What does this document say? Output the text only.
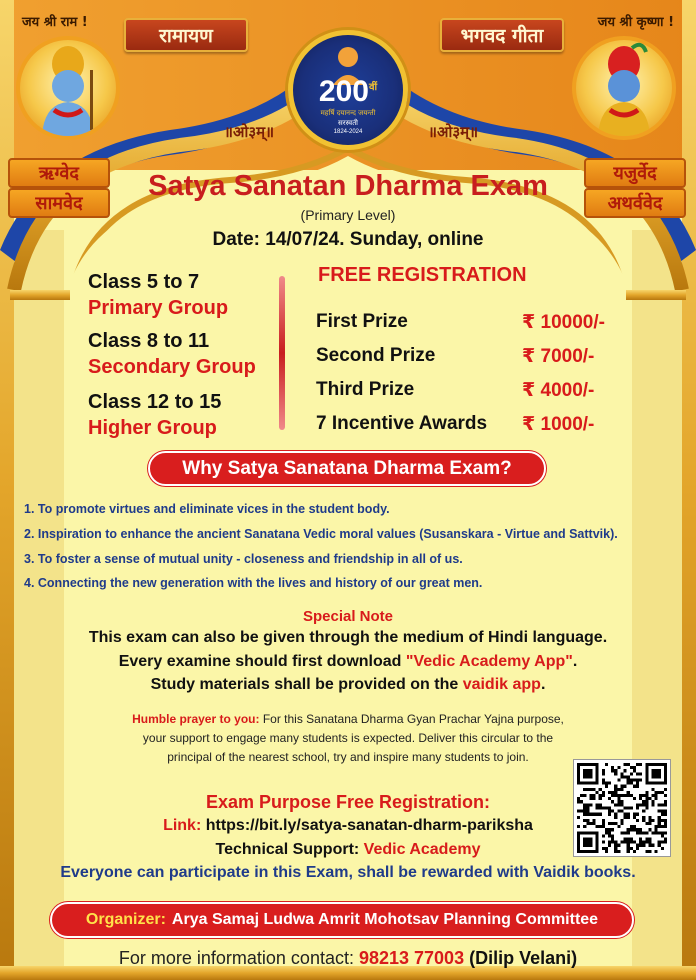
जय श्री राम !	जय श्री कृष्णा !
रामायण	भगवद गीता
$200^{वीं}$
महर्षि दयानन्द जयन्ती
सरस्वती
1824-2024
॥ओ३म्॥	॥ओ३म्॥
ऋग्वेद
सामवेद
यजुर्वेद
अथर्ववेद
Satya Sanatan Dharma Exam
(Primary Level)
Date: 14/07/24. Sunday, online
Class 5 to 7
Primary Group
Class 8 to 11
Secondary Group
Class 12 to 15
Higher Group
FREE REGISTRATION
First Prize	₹ 10000/-
Second Prize	₹ 7000/-
Third Prize	₹ 4000/-
7 Incentive Awards ₹ 1000/-
Why Satya Sanatana Dharma Exam?
1. To promote virtues and eliminate vices in the student body.
2. Inspiration to enhance the ancient Sanatana Vedic moral values (Susanskara - Virtue and Sattvik).
3. To foster a sense of mutual unity - closeness and friendship in all of us.
4. Connecting the new generation with the lives and history of our great men.
Special Note
This exam can also be given through the medium of Hindi language.
Every examine should first download "Vedic Academy App".
Study materials shall be provided on the vaidik app.
Humble prayer to you: For this Sanatana Dharma Gyan Prachar Yajna purpose,
your support to engage many students is expected. Deliver this circular to the
principal of the nearest school, try and inspire many students to join.
Exam Purpose Free Registration:
Link: https://bit.ly/satya-sanatan-dharm-pariksha
Technical Support: Vedic Academy
Everyone can participate in this Exam, shall be rewarded with Vaidik books.
Organizer: Arya Samaj Ludwa Amrit Mohotsav Planning Committee
For more information contact: 98213 77003 (Dilip Velani)
